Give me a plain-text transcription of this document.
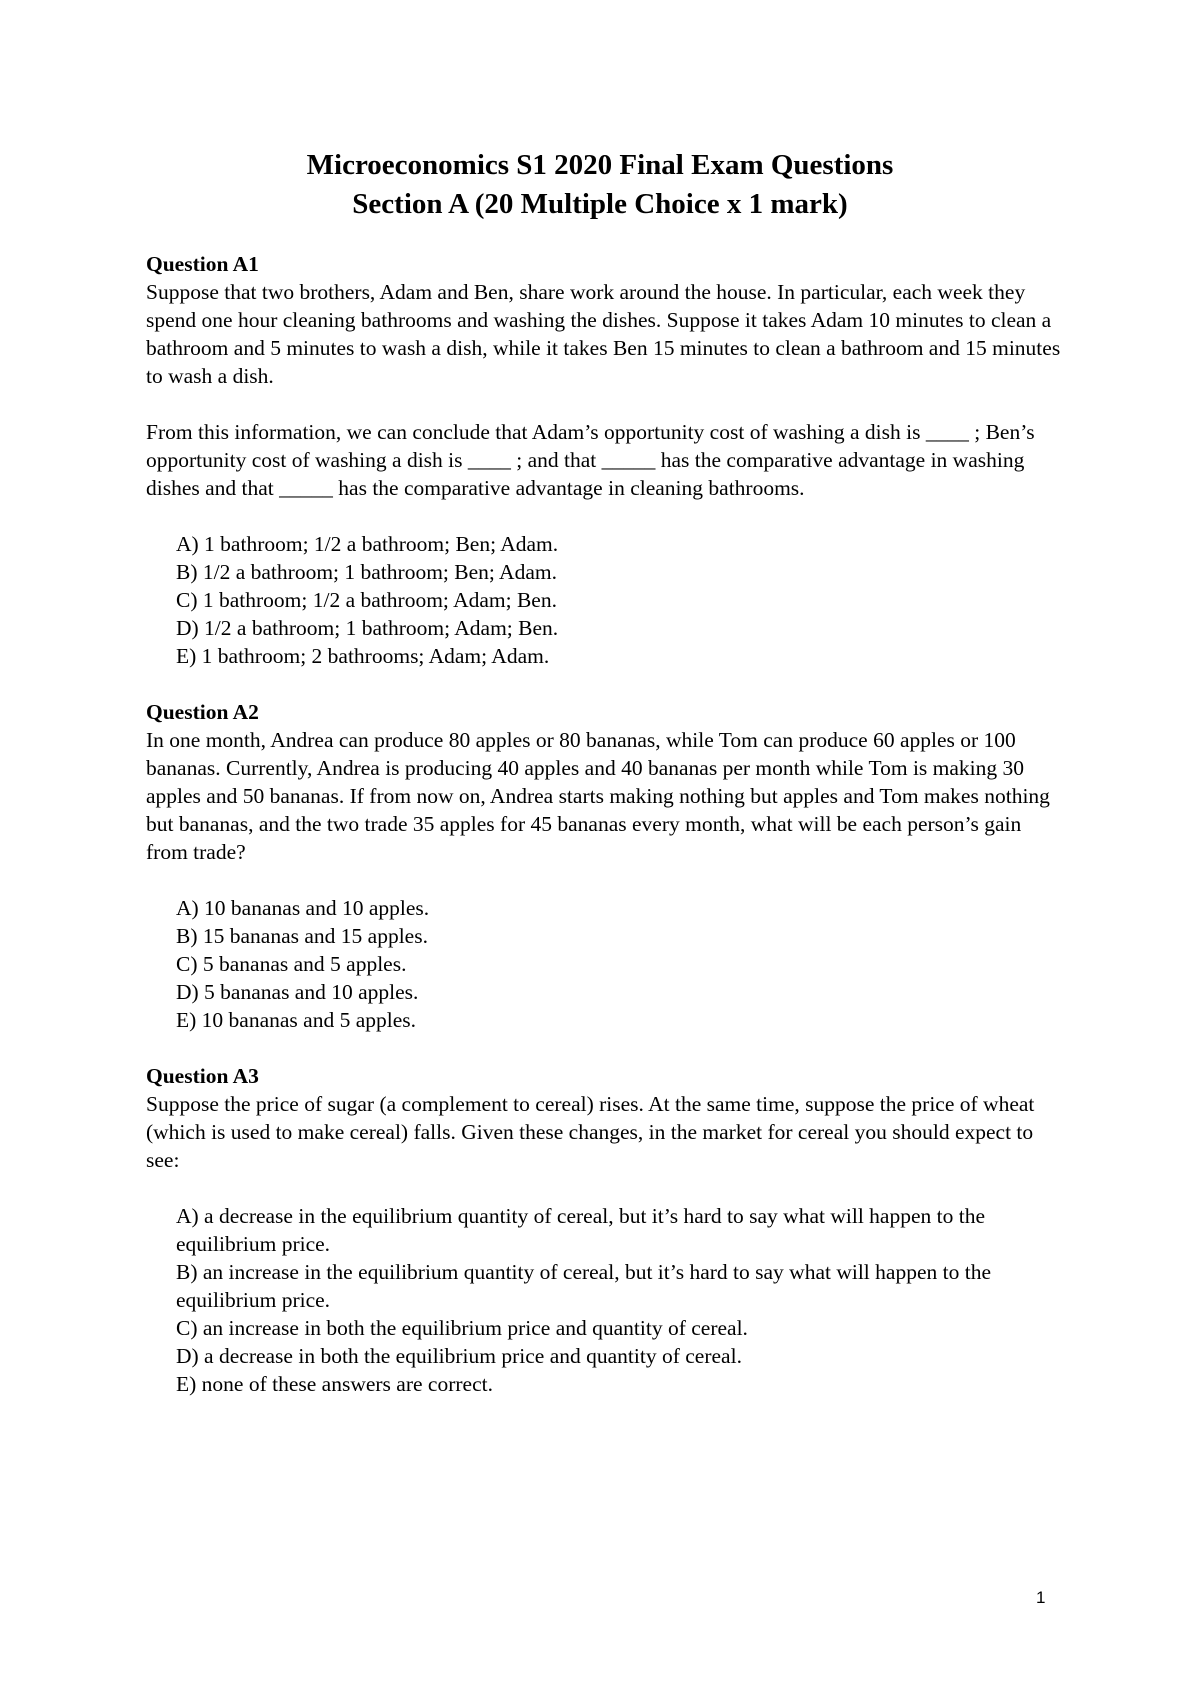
Microeconomics S1 2020 Final Exam Questions
Section A (20 Multiple Choice x 1 mark)

Question A1

Suppose that two brothers, Adam and Ben, share work around the house. In particular, each week they spend one hour cleaning bathrooms and washing the dishes. Suppose it takes Adam 10 minutes to clean a bathroom and 5 minutes to wash a dish, while it takes Ben 15 minutes to clean a bathroom and 15 minutes to wash a dish.

From this information, we can conclude that Adam’s opportunity cost of washing a dish is ____ ; Ben’s opportunity cost of washing a dish is ____ ; and that _____ has the comparative advantage in washing dishes and that _____ has the comparative advantage in cleaning bathrooms.

A) 1 bathroom; 1/2 a bathroom; Ben; Adam.
B) 1/2 a bathroom; 1 bathroom; Ben; Adam.
C) 1 bathroom; 1/2 a bathroom; Adam; Ben.
D) 1/2 a bathroom; 1 bathroom; Adam; Ben.
E) 1 bathroom; 2 bathrooms; Adam; Adam.

Question A2

In one month, Andrea can produce 80 apples or 80 bananas, while Tom can produce 60 apples or 100 bananas. Currently, Andrea is producing 40 apples and 40 bananas per month while Tom is making 30 apples and 50 bananas. If from now on, Andrea starts making nothing but apples and Tom makes nothing but bananas, and the two trade 35 apples for 45 bananas every month, what will be each person’s gain from trade?

A) 10 bananas and 10 apples.
B) 15 bananas and 15 apples.
C) 5 bananas and 5 apples.
D) 5 bananas and 10 apples.
E) 10 bananas and 5 apples.

Question A3

Suppose the price of sugar (a complement to cereal) rises. At the same time, suppose the price of wheat (which is used to make cereal) falls. Given these changes, in the market for cereal you should expect to see:

A) a decrease in the equilibrium quantity of cereal, but it’s hard to say what will happen to the equilibrium price.
B) an increase in the equilibrium quantity of cereal, but it’s hard to say what will happen to the equilibrium price.
C) an increase in both the equilibrium price and quantity of cereal.
D) a decrease in both the equilibrium price and quantity of cereal.
E) none of these answers are correct.
1
